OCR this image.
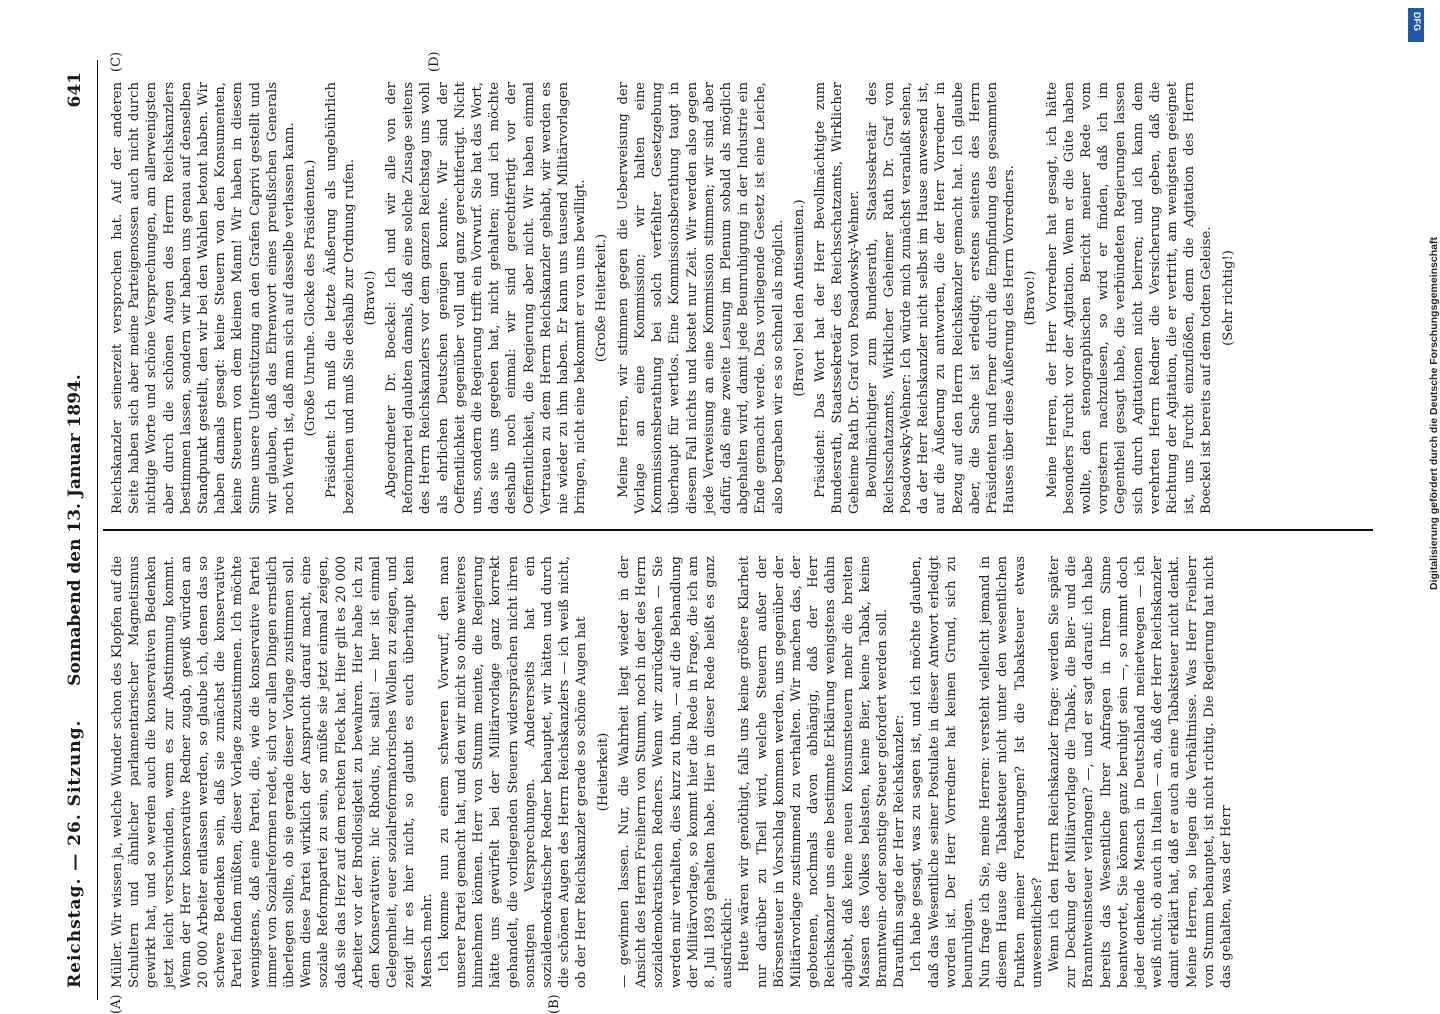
Reichstag. — 26. Sitzung.
Sonnabend den 13. Januar 1894.
641
(A)	(B)
(C)	(D)

Müller. Wir wissen ja, welche Wunder schon des Klopfen auf die Schultern und ähnlicher parlamentarischer Magnetismus gewirkt hat, und so werden auch die konservativen Bedenken jetzt leicht verschwinden, wenn es zur Abstimmung kommt. Wenn der Herr konservative Redner zugab, gewiß würden an 20 000 Arbeiter entlassen werden, so glaube ich, denen das so schwere Bedenken sein, daß sie zunächst die konservative Partei finden müßten, dieser Vorlage zuzustimmen. Ich möchte wenigstens, daß eine Partei, die, wie die konservative Partei immer von Sozialreformen redet, sich vor allen Dingen ernstlich überlegen sollte, ob sie gerade dieser Vorlage zustimmen soll. Wenn diese Partei wirklich der Ansprucht darauf macht, eine soziale Reformpartei zu sein, so müßte sie jetzt einmal zeigen, daß sie das Herz auf dem rechten Fleck hat. Hier gilt es 20 000 Arbeiter vor der Brodlosigkeit zu bewahren. Hier habe ich zu den Konservativen: hic Rhodus, hic salta! — hier ist einmal Gelegenheit, euer sozialreformatorisches Wollen zu zeigen, und zeigt ihr es hier nicht, so glaubt es euch überhaupt kein Mensch mehr. Ich komme nun zu einem schweren Vorwurf, den man unserer Partei gemacht hat, und den wir nicht so ohne weiteres hinnehmen können. Herr von Stumm meinte, die Regierung hätte uns gewürfelt bei der Militärvorlage ganz korrekt gehandelt, die vorliegenden Steuern widersprächen nicht ihren sonstigen Versprechungen. Andererseits hat ein sozialdemokratischer Redner behauptet, wir hätten und durch die schönen Augen des Herrn Reichskanzlers — ich weiß nicht, ob der Herr Reichskanzler gerade so schöne Augen hat (Heiterkeit) — gewinnen lassen. Nur, die Wahrheit liegt wieder in der Ansicht des Herrn Freiherrn von Stumm, noch in der des Herrn sozialdemokratischen Redners. Wenn wir zurückgehen — Sie werden mir verhalten, dies kurz zu thun, — auf die Behandlung der Militärvorlage, so kommt hier die Rede in Frage, die ich am 8. Juli 1893 gehalten habe. Hier in dieser Rede heißt es ganz ausdrücklich: Heute wären wir genöthigt, falls uns keine größere Klarheit nur darüber zu Theil wird, welche Steuern außer der Börsensteuer in Vorschlag kommen werden, uns gegenüber der Militärvorlage zustimmend zu verhalten. Wir machen das, der gebotenen, nochmals davon abhängig, daß der Herr Reichskanzler uns eine bestimmte Erklärung wenigstens dahin abgiebt, daß keine neuen Konsumsteuern mehr die breiten Massen des Volkes belasten, keine Bier, keine Tabak, keine Branntwein- oder sonstige Steuer gefordert werden soll. Daraufhin sagte der Herr Reichskanzler: Ich habe gesagt, was zu sagen ist, und ich möchte glauben, daß das Wesentliche seiner Postulate in dieser Antwort erledigt worden ist. Der Herr Vorredner hat keinen Grund, sich zu beunruhigen. Nun frage ich Sie, meine Herren: versteht vielleicht jemand in diesem Hause die Tabaksteuer nicht unter den wesentlichen Punkten meiner Forderungen? Ist die Tabaksteuer etwas unwesentliches? Wenn ich den Herrn Reichskanzler frage: werden Sie später zur Deckung der Militärvorlage die Tabak-, die Bier- und die Branntweinsteuer verlangen? —, und er sagt darauf: ich habe bereits das Wesentliche Ihrer Anfragen in Ihrem Sinne beantwortet, Sie können ganz beruhigt sein —, so nimmt doch jeder denkende Mensch in Deutschland meinetwegen — ich weiß nicht, ob auch in Italien — an, daß der Herr Reichskanzler damit erklärt hat, daß er auch an eine Tabaksteuer nicht denkt. Meine Herren, so liegen die Verhältnisse. Was Herr Freiherr von Stumm behauptet, ist nicht richtig. Die Regierung hat nicht das gehalten, was der Herr

Reichskanzler seinerzeit versprochen hat. Auf der anderen Seite haben sich aber meine Parteigenossen auch nicht durch nichtige Worte und schöne Versprechungen, am allerwenigsten aber durch die schönen Augen des Herrn Reichskanzlers bestimmen lassen, sondern wir haben uns genau auf denselben Standpunkt gestellt, den wir bei den Wahlen betont haben. Wir haben damals gesagt: keine Steuern von den Konsumenten, keine Steuern von dem kleinen Mann! Wir haben in diesem Sinne unsere Unterstützung an den Grafen Caprivi gestellt und wir glauben, daß das Ehrenwort eines preußischen Generals noch Werth ist, daß man sich auf dasselbe verlassen kann. (Große Unruhe. Glocke des Präsidenten.) Präsident: Ich muß die letzte Äußerung als ungebührlich bezeichnen und muß Sie deshalb zur Ordnung rufen. (Bravo!) Abgeordneter Dr. Boeckel: Ich und wir alle von der Reformpartei glaubten damals, daß eine solche Zusage seitens des Herrn Reichskanzlers vor dem ganzen Reichstag uns wohl als ehrlichen Deutschen genügen konnte. Wir sind der Oeffentlichkeit gegenüber voll und ganz gerechtfertigt. Nicht uns, sondern die Regierung trifft ein Vorwurf. Sie hat das Wort, das sie uns gegeben hat, nicht gehalten; und ich möchte deshalb noch einmal: wir sind gerechtfertigt vor der Oeffentlichkeit, die Regierung aber nicht. Wir haben einmal Vertrauen zu dem Herrn Reichskanzler gehabt, wir werden es nie wieder zu ihm haben. Er kann uns tausend Militärvorlagen bringen, nicht eine bekommt er von uns bewilligt. (Große Heiterkeit.) Meine Herren, wir stimmen gegen die Ueberweisung der Vorlage an eine Kommission; wir halten eine Kommissionsberathung bei solch verfehlter Gesetzgebung überhaupt für wertlos. Eine Kommissionsberathung taugt in diesem Fall nichts und kostet nur Zeit. Wir werden also gegen jede Verweisung an eine Kommission stimmen; wir sind aber dafür, daß eine zweite Lesung im Plenum sobald als möglich abgehalten wird, damit jede Beunruhigung in der Industrie ein Ende gemacht werde. Das vorliegende Gesetz ist eine Leiche, also begraben wir es so schnell als möglich. (Bravo! bei den Antisemiten.) Präsident: Das Wort hat der Herr Bevollmächtigte zum Bundesrath, Staatssekretär des Reichsschatzamts, Wirklicher Geheime Rath Dr. Graf von Posadowsky-Wehner. Bevollmächtigter zum Bundesrath, Staatssekretär des Reichsschatzamts, Wirklicher Geheimer Rath Dr. Graf von Posadowsky-Wehner: Ich würde mich zunächst veranlaßt sehen, da der Herr Reichskanzler nicht selbst im Hause anwesend ist, auf die Äußerung zu antworten, die der Herr Vorredner in Bezug auf den Herrn Reichskanzler gemacht hat. Ich glaube aber, die Sache ist erledigt; erstens seitens des Herrn Präsidenten und ferner durch die Empfindung des gesammten Hauses über diese Äußerung des Herrn Vorredners. (Bravo!) Meine Herren, der Herr Vorredner hat gesagt, ich hätte besonders Furcht vor der Agitation. Wenn er die Güte haben wollte, den stenographischen Bericht meiner Rede vom vorgestern nachzulesen, so wird er finden, daß ich im Gegentheil gesagt habe, die verbündeten Regierungen lassen sich durch Agitationen nicht beirren; und ich kann dem verehrten Herrn Redner die Versicherung geben, daß die Richtung der Agitation, die er vertritt, am wenigsten geeignet ist, uns Furcht einzuflößen, denn die Agitation des Herrn Boeckel ist bereits auf dem todten Geleise. (Sehr richtig!)

DFG
Digitalisierung gefördert durch die Deutsche Forschungsgemeinschaft
